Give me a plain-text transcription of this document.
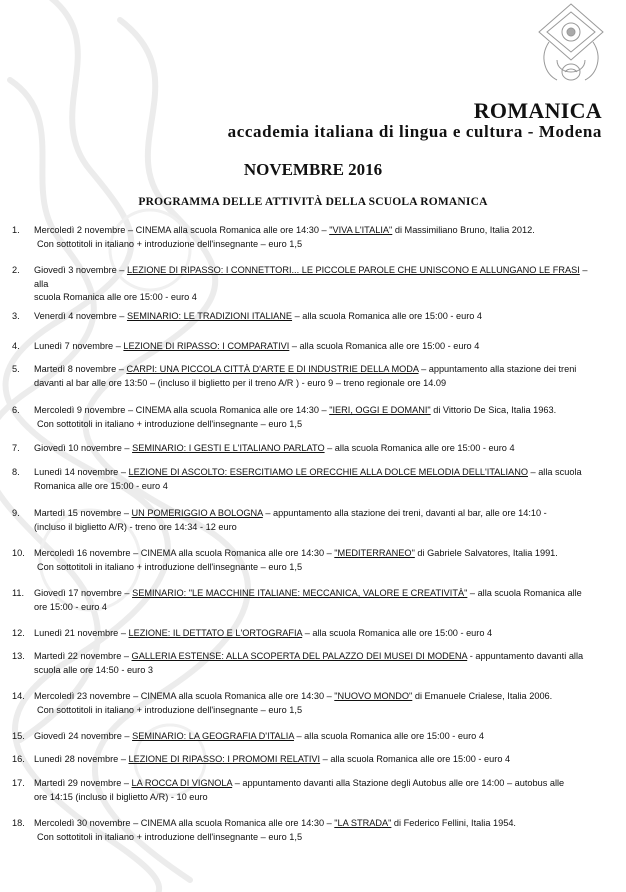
ROMANICA

accademia italiana di lingua e cultura - Modena

NOVEMBRE 2016
PROGRAMMA DELLE ATTIVITÀ DELLA SCUOLA ROMANICA
1. Mercoledì 2 novembre – CINEMA alla scuola Romanica alle ore 14:30 – "VIVA L'ITALIA" di Massimiliano Bruno, Italia 2012.
Con sottotitoli in italiano + introduzione dell'insegnante – euro 1,5
2. Giovedì 3 novembre – LEZIONE DI RIPASSO: I CONNETTORI... LE PICCOLE PAROLE CHE UNISCONO E ALLUNGANO LE FRASI – alla
scuola Romanica alle ore 15:00 - euro 4
3. Venerdì 4 novembre – SEMINARIO: LE TRADIZIONI ITALIANE – alla scuola Romanica alle ore 15:00 - euro 4
4. Lunedì 7 novembre – LEZIONE DI RIPASSO: I COMPARATIVI – alla scuola Romanica alle ore 15:00 - euro 4
5. Martedì 8 novembre – CARPI: UNA PICCOLA CITTÀ D'ARTE E DI INDUSTRIE DELLA MODA – appuntamento alla stazione dei treni
davanti al bar alle ore 13:50 – (incluso il biglietto per il treno A/R ) - euro 9 – treno regionale ore 14.09
6. Mercoledì 9 novembre – CINEMA alla scuola Romanica alle ore 14:30 – "IERI, OGGI E DOMANI" di Vittorio De Sica, Italia 1963.
Con sottotitoli in italiano + introduzione dell'insegnante – euro 1,5
7. Giovedì 10 novembre – SEMINARIO: I GESTI E L'ITALIANO PARLATO – alla scuola Romanica alle ore 15:00 - euro 4
8. Lunedì 14 novembre – LEZIONE DI ASCOLTO: ESERCITIAMO LE ORECCHIE ALLA DOLCE MELODIA DELL'ITALIANO – alla scuola
Romanica alle ore 15:00 - euro 4
9. Martedì 15 novembre – UN POMERIGGIO A BOLOGNA – appuntamento alla stazione dei treni, davanti al bar, alle ore 14:10 -
(incluso il biglietto A/R) - treno ore 14:34 - 12 euro
10. Mercoledì 16 novembre – CINEMA alla scuola Romanica alle ore 14:30 – "MEDITERRANEO" di Gabriele Salvatores, Italia 1991.
Con sottotitoli in italiano + introduzione dell'insegnante – euro 1,5
11. Giovedì 17 novembre – SEMINARIO: "LE MACCHINE ITALIANE: MECCANICA, VALORE E CREATIVITÀ" – alla scuola Romanica alle
ore 15:00 - euro 4
12. Lunedì 21 novembre – LEZIONE: IL DETTATO E L'ORTOGRAFIA – alla scuola Romanica alle ore 15:00 - euro 4
13. Martedì 22 novembre – GALLERIA ESTENSE: ALLA SCOPERTA DEL PALAZZO DEI MUSEI DI MODENA - appuntamento davanti alla
scuola alle ore 14:50 - euro 3
14. Mercoledì 23 novembre – CINEMA alla scuola Romanica alle ore 14:30 – "NUOVO MONDO" di Emanuele Crialese, Italia 2006.
Con sottotitoli in italiano + introduzione dell'insegnante – euro 1,5
15. Giovedì 24 novembre – SEMINARIO: LA GEOGRAFIA D'ITALIA – alla scuola Romanica alle ore 15:00 - euro 4
16. Lunedì 28 novembre – LEZIONE DI RIPASSO: I PROMOMI RELATIVI – alla scuola Romanica alle ore 15:00 - euro 4
17. Martedì 29 novembre – LA ROCCA DI VIGNOLA – appuntamento davanti alla Stazione degli Autobus alle ore 14:00 – autobus alle
ore 14:15 (incluso il biglietto A/R) - 10 euro
18. Mercoledì 30 novembre – CINEMA alla scuola Romanica alle ore 14:30 – "LA STRADA" di Federico Fellini, Italia 1954.
Con sottotitoli in italiano + introduzione dell'insegnante – euro 1,5
